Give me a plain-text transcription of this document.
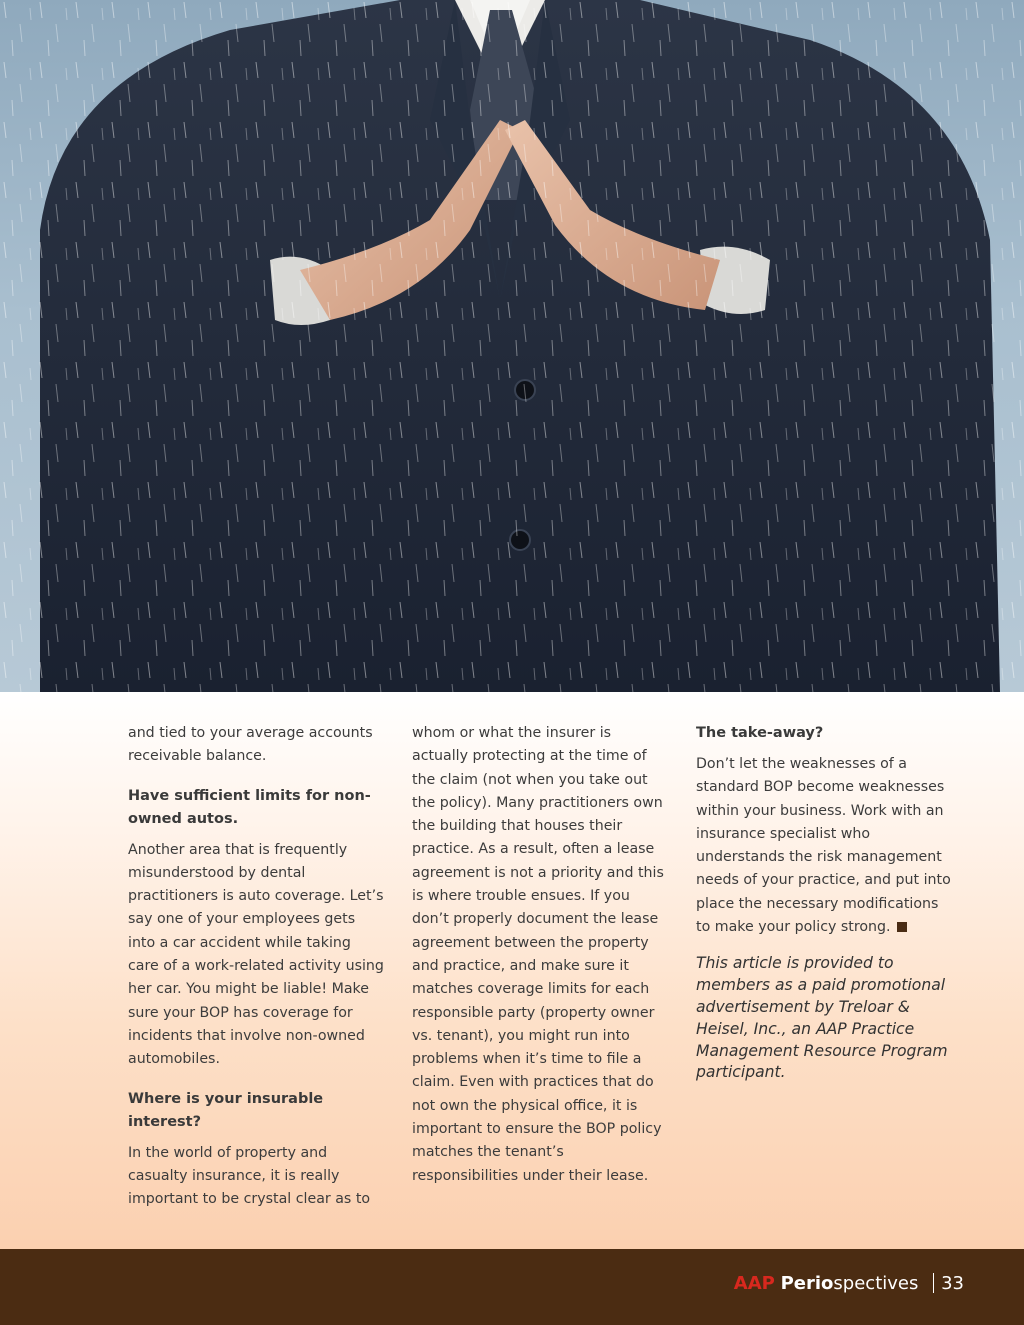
and tied to your average accounts receivable balance.

Have sufficient limits for non-owned autos.

Another area that is frequently misunderstood by dental practitioners is auto coverage. Let’s say one of your employees gets into a car accident while taking care of a work-related activity using her car. You might be liable! Make sure your BOP has coverage for incidents that involve non-owned automobiles.

Where is your insurable interest?

In the world of property and casualty insurance, it is really important to be crystal clear as to

whom or what the insurer is actually protecting at the time of the claim (not when you take out the policy). Many practitioners own the building that houses their practice. As a result, often a lease agreement is not a priority and this is where trouble ensues. If you don’t properly document the lease agreement between the property and practice, and make sure it matches coverage limits for each responsible party (property owner vs. tenant), you might run into problems when it’s time to file a claim. Even with practices that do not own the physical office, it is important to ensure the BOP policy matches the tenant’s responsibilities under their lease.

The take-away?

Don’t let the weaknesses of a standard BOP become weaknesses within your business. Work with an insurance specialist who understands the risk management needs of your practice, and put into place the necessary modifications to make your policy strong.

This article is provided to members as a paid promotional advertisement by Treloar & Heisel, Inc., an AAP Practice Management Resource Program participant.

AAP Periospectives 33
